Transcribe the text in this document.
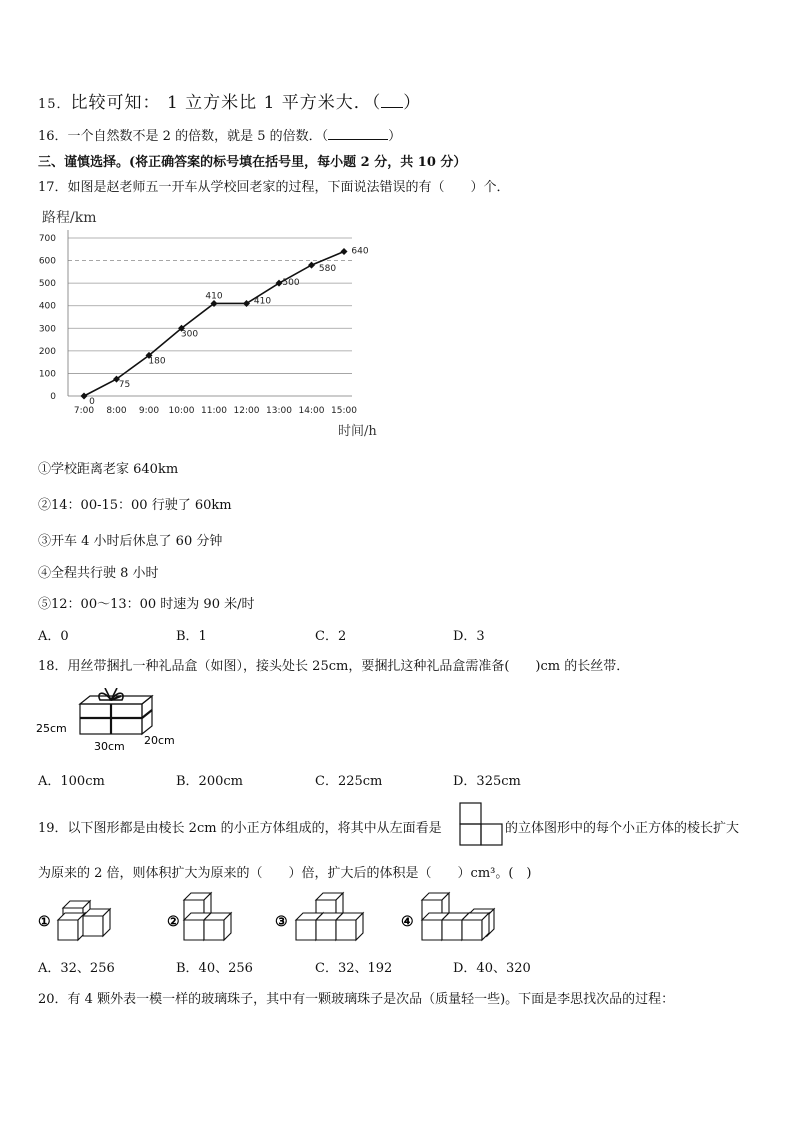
15．比较可知： 1 立方米比 1 平方米大．（ ）
16．一个自然数不是 2 的倍数，就是 5 的倍数．（	）
三、谨慎选择。(将正确答案的标号填在括号里，每小题 2 分，共 10 分）
17．如图是赵老师五一开车从学校回老家的过程，下面说法错误的有（　　）个．
路程/km
时间/h
0
100
200
300
400
500
600
700
7:00 8:00 9:00 10:00 11:00 12:00 13:00 14:00 15:00
0
75
180
300
410	410
500
580
640
①学校距离老家 640km
②14：00-15：00 行驶了 60km
③开车 4 小时后休息了 60 分钟
④全程共行驶 8 小时
⑤12：00～13：00 时速为 90 米/时
A．0	B．1	C．2	D．3
18．用丝带捆扎一种礼品盒（如图），接头处长 25cm，要捆扎这种礼品盒需准备(　　)cm 的长丝带．
25cm
30cm 20cm
A．100cm	B．200cm	C．225cm	D．325cm
19．以下图形都是由棱长 2cm 的小正方体组成的，将其中从左面看是	的立体图形中的每个小正方体的棱长扩大
为原来的 2 倍，则体积扩大为原来的（　　）倍，扩大后的体积是（　　）cm³。(　)
①	②	③	④
A．32、256	B．40、256	C．32、192	D．40、320
20．有 4 颗外表一模一样的玻璃珠子，其中有一颗玻璃珠子是次品（质量轻一些)。下面是李思找次品的过程：
